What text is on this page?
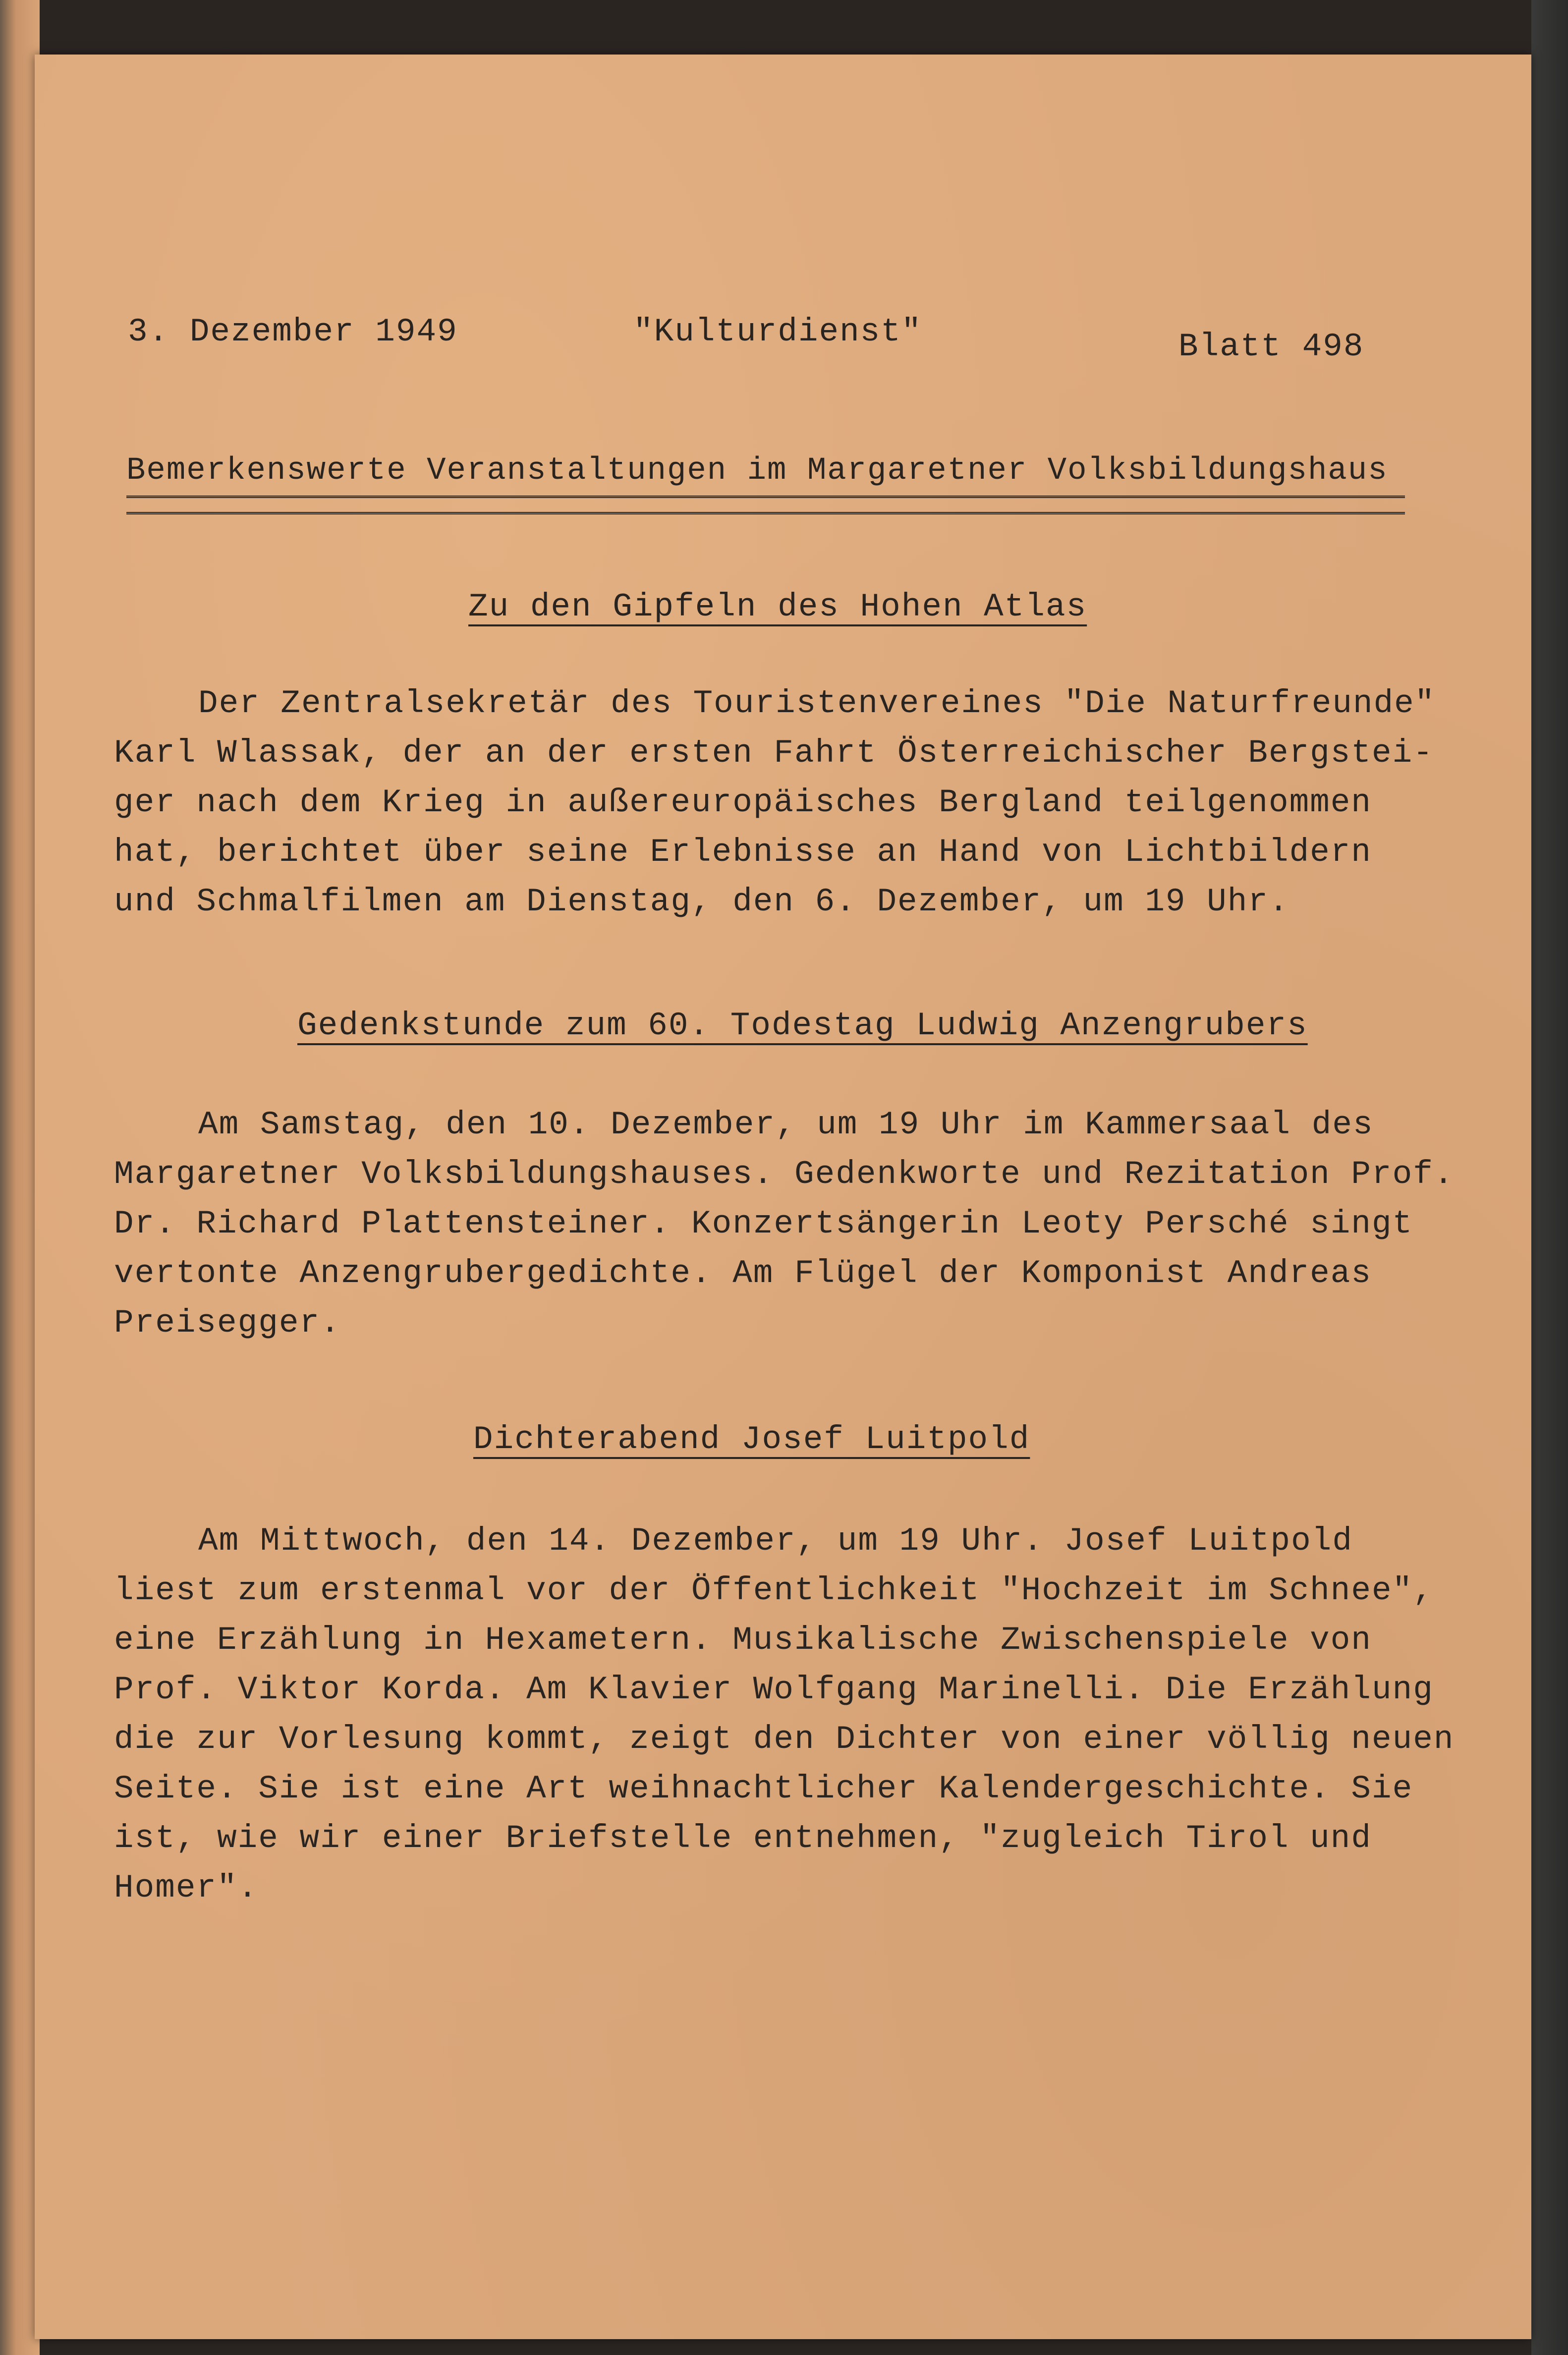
3. Dezember 1949	"Kulturdienst"	Blatt 498
Bemerkenswerte Veranstaltungen im Margaretner Volksbildungshaus
Zu den Gipfeln des Hohen Atlas
Der Zentralsekretär des Touristenvereines "Die Naturfreunde"
Karl Wlassak, der an der ersten Fahrt Österreichischer Bergstei-
ger nach dem Krieg in außereuropäisches Bergland teilgenommen
hat, berichtet über seine Erlebnisse an Hand von Lichtbildern
und Schmalfilmen am Dienstag, den 6. Dezember, um 19 Uhr.
Gedenkstunde zum 60. Todestag Ludwig Anzengrubers
Am Samstag, den 10. Dezember, um 19 Uhr im Kammersaal des
Margaretner Volksbildungshauses. Gedenkworte und Rezitation Prof.
Dr. Richard Plattensteiner. Konzertsängerin Leoty Persché singt
vertonte Anzengrubergedichte. Am Flügel der Komponist Andreas
Preisegger.
Dichterabend Josef Luitpold
Am Mittwoch, den 14. Dezember, um 19 Uhr. Josef Luitpold
liest zum erstenmal vor der Öffentlichkeit "Hochzeit im Schnee",
eine Erzählung in Hexametern. Musikalische Zwischenspiele von
Prof. Viktor Korda. Am Klavier Wolfgang Marinelli. Die Erzählung
die zur Vorlesung kommt, zeigt den Dichter von einer völlig neuen
Seite. Sie ist eine Art weihnachtlicher Kalendergeschichte. Sie
ist, wie wir einer Briefstelle entnehmen, "zugleich Tirol und
Homer".
